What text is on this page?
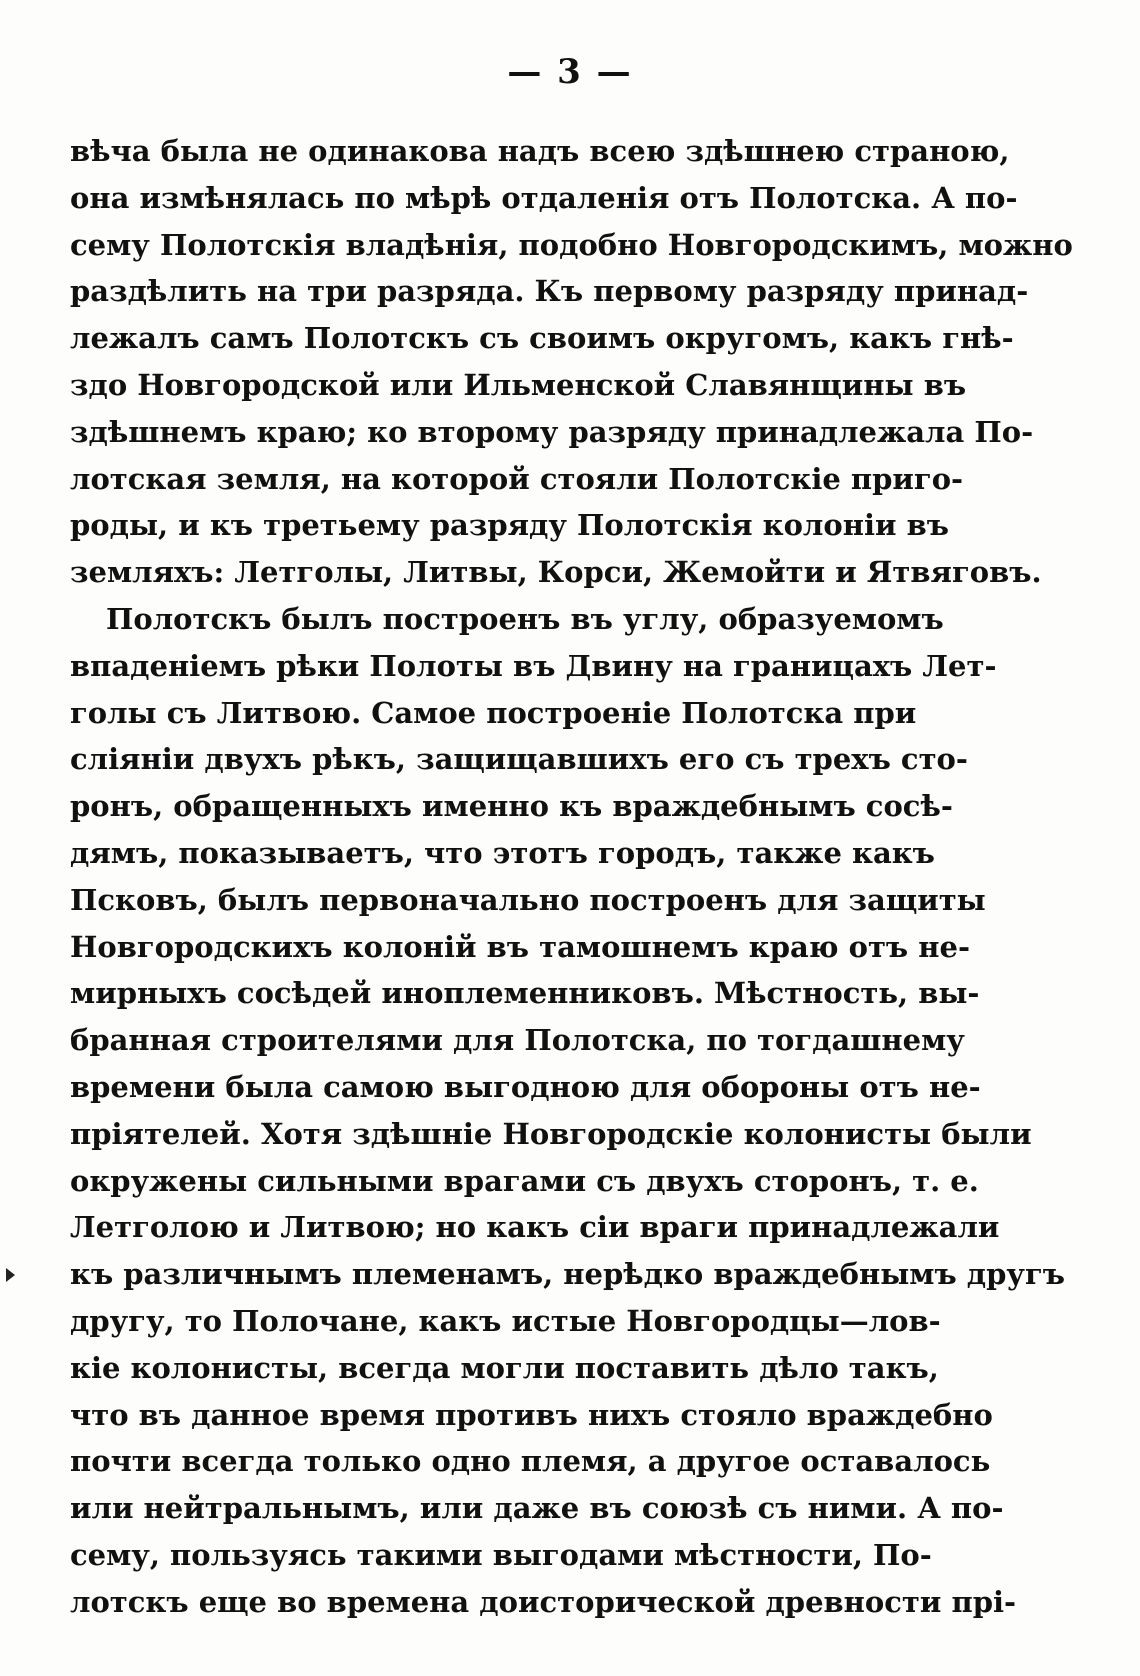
— 3 —
вѣча была не одинакова надъ всею здѣшнею страною,
она измѣнялась по мѣрѣ отдаленія отъ Полотска. А по-
сему Полотскія владѣнія, подобно Новгородскимъ, можно
раздѣлить на три разряда. Къ первому разряду принад-
лежалъ самъ Полотскъ съ своимъ округомъ, какъ гнѣ-
здо Новгородской или Ильменской Славянщины въ
здѣшнемъ краю; ко второму разряду принадлежала По-
лотская земля, на которой стояли Полотскіе приго-
роды, и къ третьему разряду Полотскія колоніи въ
земляхъ: Летголы, Литвы, Корси, Жемойти и Ятвяговъ.
Полотскъ былъ построенъ въ углу, образуемомъ
впаденіемъ рѣки Полоты въ Двину на границахъ Лет-
голы съ Литвою. Самое построеніе Полотска при
сліяніи двухъ рѣкъ, защищавшихъ его съ трехъ сто-
ронъ, обращенныхъ именно къ враждебнымъ сосѣ-
дямъ, показываетъ, что этотъ городъ, также какъ
Псковъ, былъ первоначально построенъ для защиты
Новгородскихъ колоній въ тамошнемъ краю отъ не-
мирныхъ сосѣдей иноплеменниковъ. Мѣстность, вы-
бранная строителями для Полотска, по тогдашнему
времени была самою выгодною для обороны отъ не-
пріятелей. Хотя здѣшніе Новгородскіе колонисты были
окружены сильными врагами съ двухъ сторонъ, т. е.
Летголою и Литвою; но какъ сіи враги принадлежали
къ различнымъ племенамъ, нерѣдко враждебнымъ другъ
другу, то Полочане, какъ истые Новгородцы—лов-
кіе колонисты, всегда могли поставить дѣло такъ,
что въ данное время противъ нихъ стояло враждебно
почти всегда только одно племя, а другое оставалось
или нейтральнымъ, или даже въ союзѣ съ ними. А по-
сему, пользуясь такими выгодами мѣстности, По-
лотскъ еще во времена доисторической древности прі-
